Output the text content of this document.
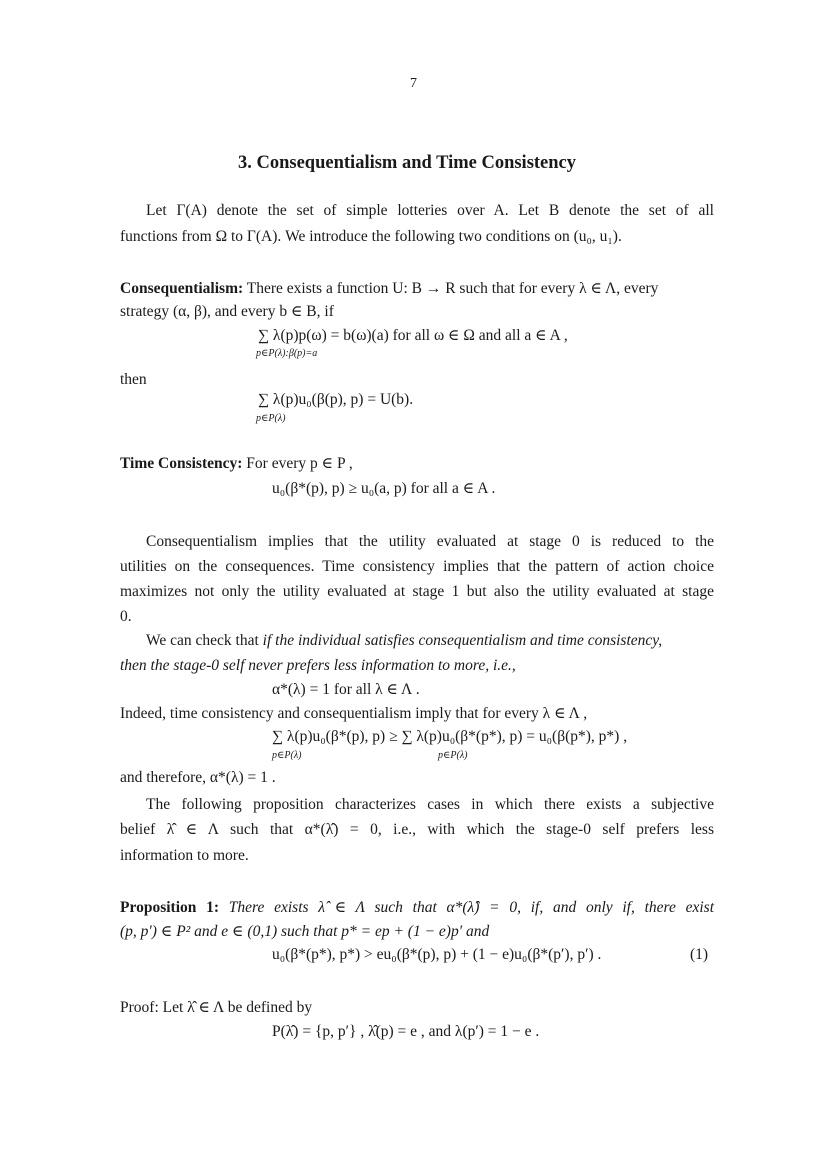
7
3. Consequentialism and Time Consistency
Let Γ(A) denote the set of simple lotteries over A. Let B denote the set of all
functions from Ω to Γ(A). We introduce the following two conditions on (u₀, u₁).
Consequentialism: There exists a function U: B → R such that for every λ ∈ Λ, every
strategy (α, β), and every b ∈ B, if
∑ λ(p)p(ω) = b(ω)(a) for all ω ∈ Ω and all a ∈ A ,
p∈P(λ):β(p)=a
then
∑ λ(p)u₀(β(p), p) = U(b).
p∈P(λ)
Time Consistency: For every p ∈ P ,
u₀(β*(p), p) ≥ u₀(a, p) for all a ∈ A .
Consequentialism implies that the utility evaluated at stage 0 is reduced to the
utilities on the consequences. Time consistency implies that the pattern of action choice
maximizes not only the utility evaluated at stage 1 but also the utility evaluated at stage
0.
We can check that if the individual satisfies consequentialism and time consistency,
then the stage-0 self never prefers less information to more, i.e.,
α*(λ) = 1 for all λ ∈ Λ .
Indeed, time consistency and consequentialism imply that for every λ ∈ Λ ,
∑ λ(p)u₀(β*(p), p) ≥ ∑ λ(p)u₀(β*(p*), p) = u₀(β(p*), p*) ,
p∈P(λ)	p∈P(λ)
and therefore, α*(λ) = 1 .
The following proposition characterizes cases in which there exists a subjective
belief λ̂ ∈ Λ such that α*(λ̂) = 0, i.e., with which the stage-0 self prefers less
information to more.
Proposition 1: There exists λ̂ ∈ Λ such that α*(λ̂) = 0, if, and only if, there exist
(p, p′) ∈ P² and e ∈ (0,1) such that p* = ep + (1 − e)p′ and
u₀(β*(p*), p*) > eu₀(β*(p), p) + (1 − e)u₀(β*(p′), p′) .	(1)
Proof: Let λ̂ ∈ Λ be defined by
P(λ̂) = {p, p′} , λ̂(p) = e , and λ(p′) = 1 − e .
